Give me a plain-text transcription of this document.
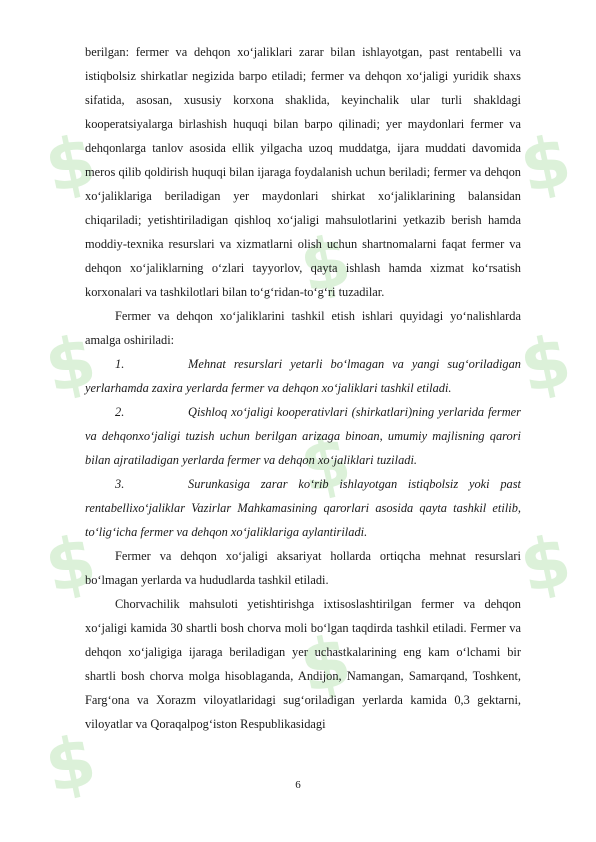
$
$
$
$
$
$
$
$
$
$

berilgan: fermer va dehqon xo‘jaliklari zarar bilan ishlayotgan, past rentabelli va istiqbolsiz shirkatlar negizida barpo etiladi; fermer va dehqon xo‘jaligi yuridik shaxs sifatida, asosan, xususiy korxona shaklida, keyinchalik ular turli shakldagi kooperatsiyalarga birlashish huquqi bilan barpo qilinadi; yer maydonlari fermer va dehqonlarga tanlov asosida ellik yilgacha uzoq muddatga, ijara muddati davomida meros qilib qoldirish huquqi bilan ijaraga foydalanish uchun beriladi; fermer va dehqon xo‘jaliklariga beriladigan yer maydonlari shirkat xo‘jaliklarining balansidan chiqariladi; yetishtiriladigan qishloq xo‘jaligi mahsulotlarini yetkazib berish hamda moddiy-texnika resurslari va xizmatlarni olish uchun shartnomalarni faqat fermer va dehqon xo‘jaliklarning o‘zlari tayyorlov, qayta ishlash hamda xizmat ko‘rsatish korxonalari va tashkilotlari bilan to‘g‘ridan-to‘g‘ri tuzadilar.

Fermer va dehqon xo‘jaliklarini tashkil etish ishlari quyidagi yo‘nalishlarda amalga oshiriladi:

1.	Mehnat resurslari yetarli bo‘lmagan va yangi sug‘oriladigan yerlarhamda zaxira yerlarda fermer va dehqon xo‘jaliklari tashkil etiladi.

2.	Qishloq xo‘jaligi kooperativlari (shirkatlari)ning yerlarida fermer va dehqonxo‘jaligi tuzish uchun berilgan arizaga binoan, umumiy majlisning qarori bilan ajratiladigan yerlarda fermer va dehqon xo‘jaliklari tuziladi.

3.	Surunkasiga zarar ko‘rib ishlayotgan istiqbolsiz yoki past rentabellixo‘jaliklar Vazirlar Mahkamasining qarorlari asosida qayta tashkil etilib, to‘lig‘icha fermer va dehqon xo‘jaliklariga aylantiriladi.

Fermer va dehqon xo‘jaligi aksariyat hollarda ortiqcha mehnat resurslari bo‘lmagan yerlarda va hududlarda tashkil etiladi.

Chorvachilik mahsuloti yetishtirishga ixtisoslashtirilgan fermer va dehqon xo‘jaligi kamida 30 shartli bosh chorva moli bo‘lgan taqdirda tashkil etiladi. Fermer va dehqon xo‘jaligiga ijaraga beriladigan yer uchastkalarining eng kam o‘lchami bir shartli bosh chorva molga hisoblaganda, Andijon, Namangan, Samarqand, Toshkent, Farg‘ona va Xorazm viloyatlaridagi sug‘oriladigan yerlarda kamida 0,3 gektarni, viloyatlar va Qoraqalpog‘iston Respublikasidagi

6
